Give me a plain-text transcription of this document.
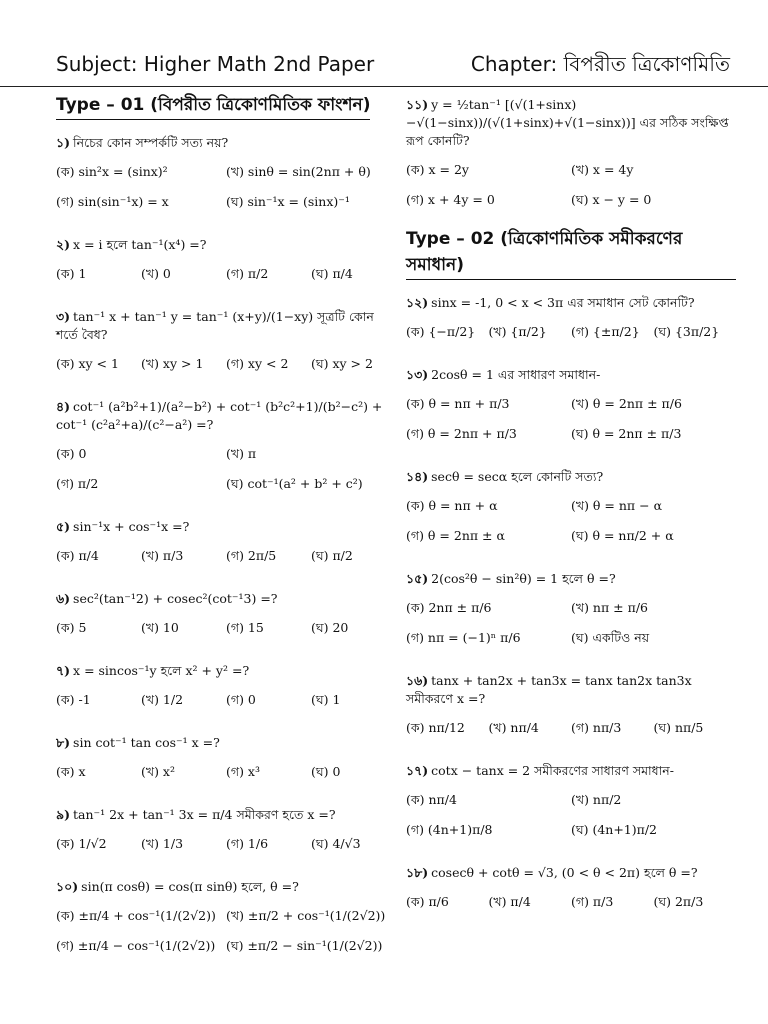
Subject: Higher Math 2nd Paper	Chapter: বিপরীত ত্রিকোণমিতি
Type – 01 (বিপরীত ত্রিকোণমিতিক ফাংশন)
১) নিচের কোন সম্পর্কটি সত্য নয়?
(ক) sin²x = (sinx)²	(খ) sinθ = sin(2nπ + θ)
(গ) sin(sin⁻¹x) = x	(ঘ) sin⁻¹x = (sinx)⁻¹
২) x = i হলে tan⁻¹(x⁴) =?
(ক) 1	(খ) 0	(গ) π/2	(ঘ) π/4
৩) tan⁻¹ x + tan⁻¹ y = tan⁻¹ (x+y)/(1−xy) সূত্রটি কোন শর্তে বৈধ?
(ক) xy < 1	(খ) xy > 1	(গ) xy < 2	(ঘ) xy > 2
৪) cot⁻¹ (a²b²+1)/(a²−b²) + cot⁻¹ (b²c²+1)/(b²−c²) + cot⁻¹ (c²a²+a)/(c²−a²) =?
(ক) 0	(খ) π
(গ) π/2	(ঘ) cot⁻¹(a² + b² + c²)
৫) sin⁻¹x + cos⁻¹x =?
(ক) π/4	(খ) π/3	(গ) 2π/5	(ঘ) π/2
৬) sec²(tan⁻¹2) + cosec²(cot⁻¹3) =?
(ক) 5	(খ) 10	(গ) 15	(ঘ) 20
৭) x = sincos⁻¹y হলে x² + y² =?
(ক) -1	(খ) 1/2	(গ) 0	(ঘ) 1
৮) sin cot⁻¹ tan cos⁻¹ x =?
(ক) x	(খ) x²	(গ) x³	(ঘ) 0
৯) tan⁻¹ 2x + tan⁻¹ 3x = π/4 সমীকরণ হতে x =?
(ক) 1/√2	(খ) 1/3	(গ) 1/6	(ঘ) 4/√3
১০) sin(π cosθ) = cos(π sinθ) হলে, θ =?
(ক) ±π/4 + cos⁻¹(1/(2√2)) (খ) ±π/2 + cos⁻¹(1/(2√2))
(গ) ±π/4 − cos⁻¹(1/(2√2)) (ঘ) ±π/2 − sin⁻¹(1/(2√2))
১১) y = ½tan⁻¹ [(√(1+sinx)−√(1−sinx))/(√(1+sinx)+√(1−sinx))] এর সঠিক সংক্ষিপ্ত রূপ কোনটি?
(ক) x = 2y	(খ) x = 4y
(গ) x + 4y = 0	(ঘ) x − y = 0
Type – 02 (ত্রিকোণমিতিক সমীকরণের সমাধান)
১২) sinx = -1, 0 < x < 3π এর সমাধান সেট কোনটি?
(ক) {−π/2}	(খ) {π/2}	(গ) {±π/2}	(ঘ) {3π/2}
১৩) 2cosθ = 1 এর সাধারণ সমাধান-
(ক) θ = nπ + π/3	(খ) θ = 2nπ ± π/6
(গ) θ = 2nπ + π/3	(ঘ) θ = 2nπ ± π/3
১৪) secθ = secα হলে কোনটি সত্য?
(ক) θ = nπ + α	(খ) θ = nπ − α
(গ) θ = 2nπ ± α	(ঘ) θ = nπ/2 + α
১৫) 2(cos²θ − sin²θ) = 1 হলে θ =?
(ক) 2nπ ± π/6	(খ) nπ ± π/6
(গ) nπ = (−1)ⁿ π/6	(ঘ) একটিও নয়
১৬) tanx + tan2x + tan3x = tanx tan2x tan3x সমীকরণে x =?
(ক) nπ/12	(খ) nπ/4	(গ) nπ/3	(ঘ) nπ/5
১৭) cotx − tanx = 2 সমীকরণের সাধারণ সমাধান-
(ক) nπ/4	(খ) nπ/2
(গ) (4n+1)π/8	(ঘ) (4n+1)π/2
১৮) cosecθ + cotθ = √3, (0 < θ < 2π) হলে θ =?
(ক) π/6	(খ) π/4	(গ) π/3	(ঘ) 2π/3
